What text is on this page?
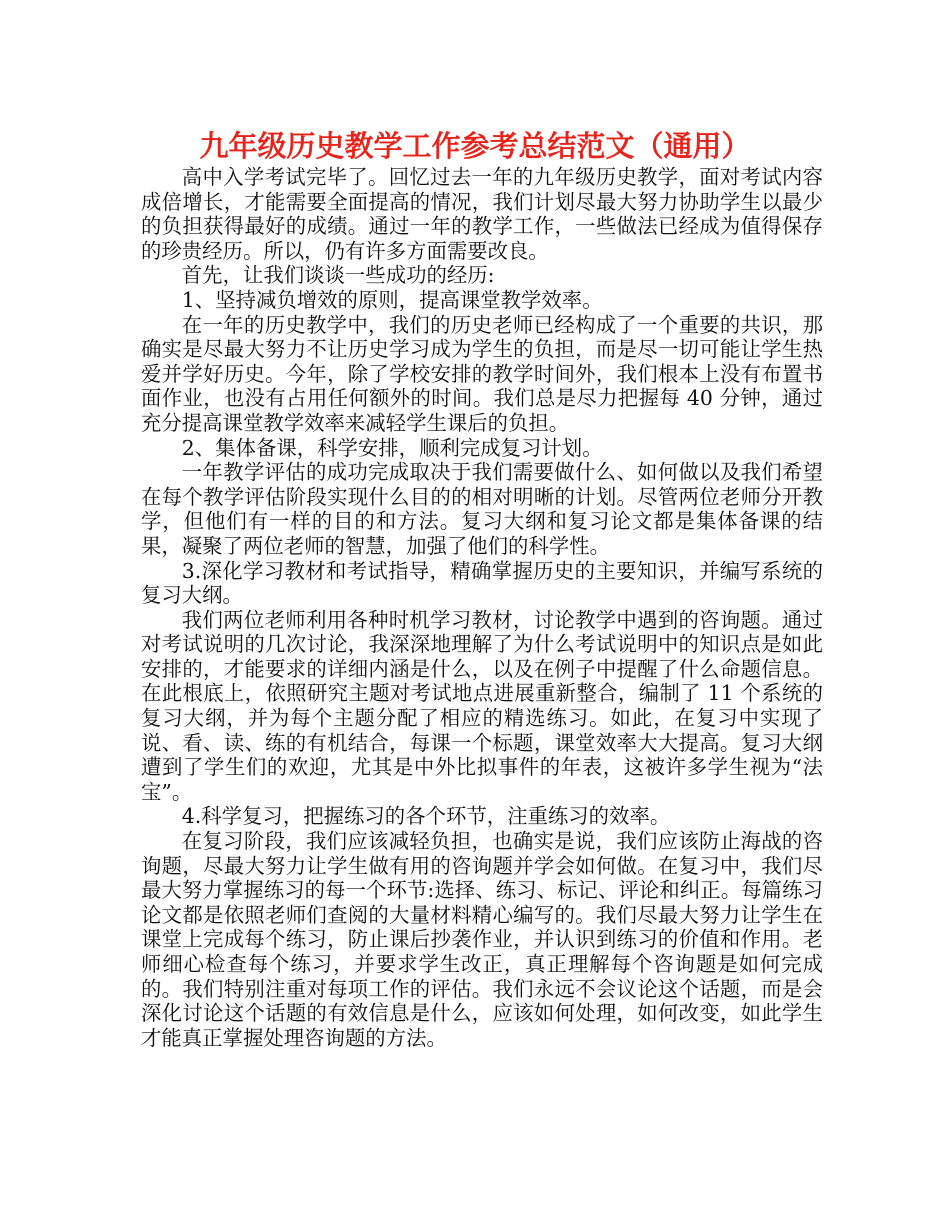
九年级历史教学工作参考总结范文（通用）

高中入学考试完毕了。回忆过去一年的九年级历史教学，面对考试内容成倍增长，才能需要全面提高的情况，我们计划尽最大努力协助学生以最少的负担获得最好的成绩。通过一年的教学工作，一些做法已经成为值得保存的珍贵经历。所以，仍有许多方面需要改良。

首先，让我们谈谈一些成功的经历:

1、坚持减负增效的原则，提高课堂教学效率。

在一年的历史教学中，我们的历史老师已经构成了一个重要的共识，那确实是尽最大努力不让历史学习成为学生的负担，而是尽一切可能让学生热爱并学好历史。今年，除了学校安排的教学时间外，我们根本上没有布置书面作业，也没有占用任何额外的时间。我们总是尽力把握每 40 分钟，通过充分提高课堂教学效率来减轻学生课后的负担。

2、集体备课，科学安排，顺利完成复习计划。

一年教学评估的成功完成取决于我们需要做什么、如何做以及我们希望在每个教学评估阶段实现什么目的的相对明晰的计划。尽管两位老师分开教学，但他们有一样的目的和方法。复习大纲和复习论文都是集体备课的结果，凝聚了两位老师的智慧，加强了他们的科学性。

3.深化学习教材和考试指导，精确掌握历史的主要知识，并编写系统的复习大纲。

我们两位老师利用各种时机学习教材，讨论教学中遇到的咨询题。通过对考试说明的几次讨论，我深深地理解了为什么考试说明中的知识点是如此安排的，才能要求的详细内涵是什么，以及在例子中提醒了什么命题信息。在此根底上，依照研究主题对考试地点进展重新整合，编制了 11 个系统的复习大纲，并为每个主题分配了相应的精选练习。如此，在复习中实现了说、看、读、练的有机结合，每课一个标题，课堂效率大大提高。复习大纲遭到了学生们的欢迎，尤其是中外比拟事件的年表，这被许多学生视为“法宝”。

4.科学复习，把握练习的各个环节，注重练习的效率。

在复习阶段，我们应该减轻负担，也确实是说，我们应该防止海战的咨询题，尽最大努力让学生做有用的咨询题并学会如何做。在复习中，我们尽最大努力掌握练习的每一个环节:选择、练习、标记、评论和纠正。每篇练习论文都是依照老师们查阅的大量材料精心编写的。我们尽最大努力让学生在课堂上完成每个练习，防止课后抄袭作业，并认识到练习的价值和作用。老师细心检查每个练习，并要求学生改正，真正理解每个咨询题是如何完成的。我们特别注重对每项工作的评估。我们永远不会议论这个话题，而是会深化讨论这个话题的有效信息是什么，应该如何处理，如何改变，如此学生才能真正掌握处理咨询题的方法。
